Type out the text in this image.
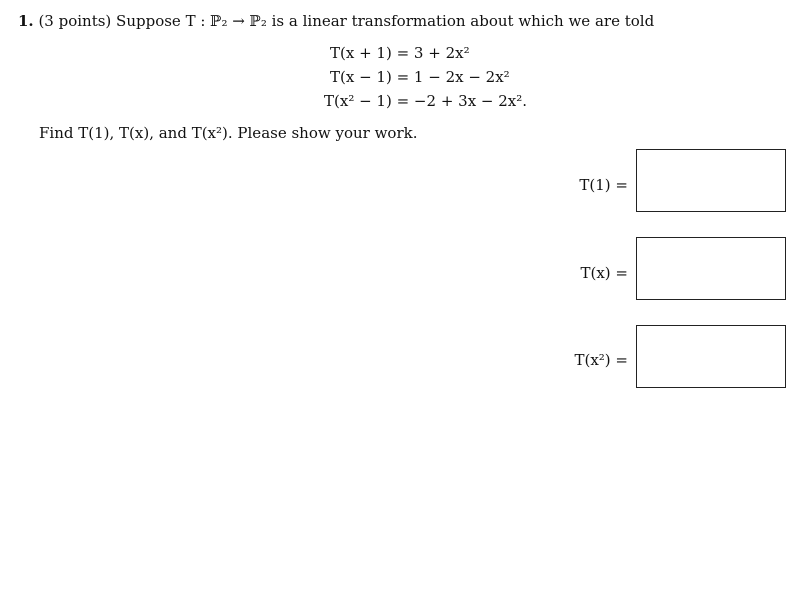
1. (3 points) Suppose T : ℙ₂ → ℙ₂ is a linear transformation about which we are told
T(x + 1) = 3 + 2x²
T(x − 1) = 1 − 2x − 2x²
T(x² − 1) = −2 + 3x − 2x².
Find T(1), T(x), and T(x²). Please show your work.
T(1) =
T(x) =
T(x²) =
